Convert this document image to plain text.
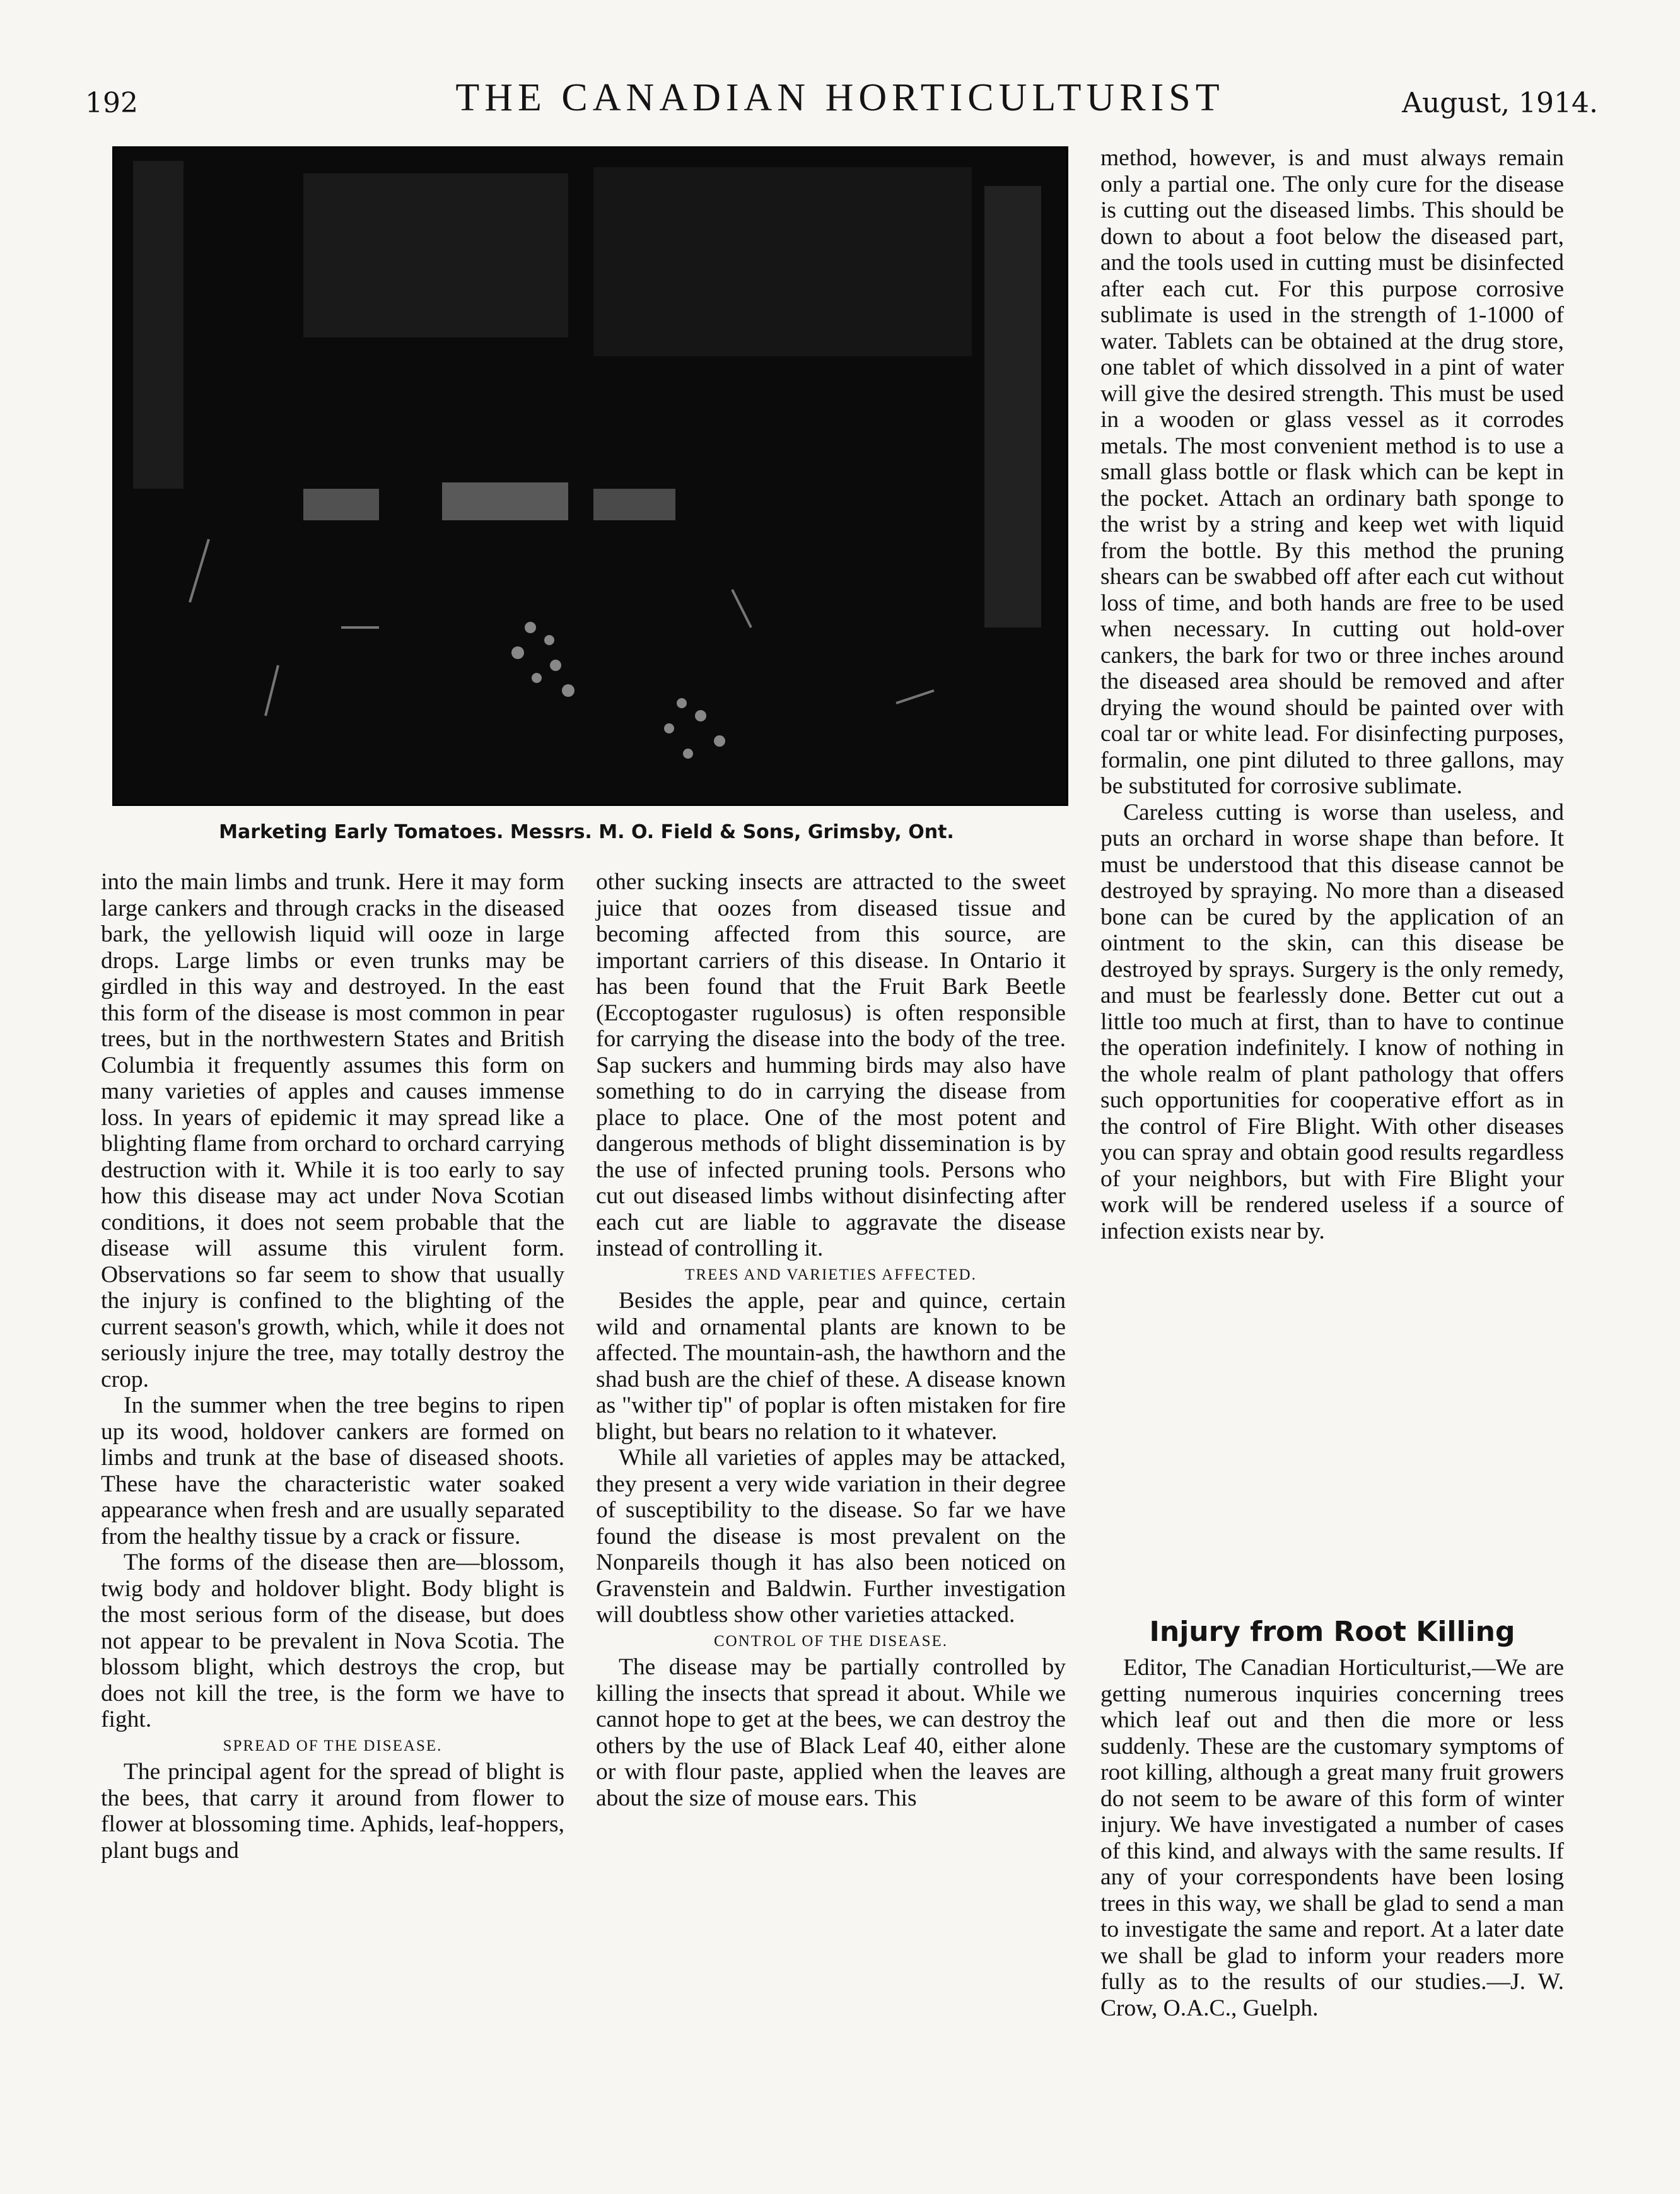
192	THE CANADIAN HORTICULTURIST	August, 1914.
Marketing Early Tomatoes. Messrs. M. O. Field & Sons, Grimsby, Ont.

into the main limbs and trunk. Here it may form large cankers and through cracks in the diseased bark, the yellowish liquid will ooze in large drops. Large limbs or even trunks may be girdled in this way and destroyed. In the east this form of the disease is most common in pear trees, but in the northwestern States and British Columbia it frequently assumes this form on many varieties of apples and causes immense loss. In years of epidemic it may spread like a blighting flame from orchard to orchard carrying destruction with it. While it is too early to say how this disease may act under Nova Scotian conditions, it does not seem probable that the disease will assume this virulent form. Observations so far seem to show that usually the injury is confined to the blighting of the current season's growth, which, while it does not seriously injure the tree, may totally destroy the crop.

In the summer when the tree begins to ripen up its wood, holdover cankers are formed on limbs and trunk at the base of diseased shoots. These have the characteristic water soaked appearance when fresh and are usually separated from the healthy tissue by a crack or fissure.

The forms of the disease then are—blossom, twig body and holdover blight. Body blight is the most serious form of the disease, but does not appear to be prevalent in Nova Scotia. The blossom blight, which destroys the crop, but does not kill the tree, is the form we have to fight.

SPREAD OF THE DISEASE.

The principal agent for the spread of blight is the bees, that carry it around from flower to flower at blossoming time. Aphids, leaf-hoppers, plant bugs and

other sucking insects are attracted to the sweet juice that oozes from diseased tissue and becoming affected from this source, are important carriers of this disease. In Ontario it has been found that the Fruit Bark Beetle (Eccoptogaster rugulosus) is often responsible for carrying the disease into the body of the tree. Sap suckers and humming birds may also have something to do in carrying the disease from place to place. One of the most potent and dangerous methods of blight dissemination is by the use of infected pruning tools. Persons who cut out diseased limbs without disinfecting after each cut are liable to aggravate the disease instead of controlling it.

TREES AND VARIETIES AFFECTED.

Besides the apple, pear and quince, certain wild and ornamental plants are known to be affected. The mountain-ash, the hawthorn and the shad bush are the chief of these. A disease known as "wither tip" of poplar is often mistaken for fire blight, but bears no relation to it whatever.

While all varieties of apples may be attacked, they present a very wide variation in their degree of susceptibility to the disease. So far we have found the disease is most prevalent on the Nonpareils though it has also been noticed on Gravenstein and Baldwin. Further investigation will doubtless show other varieties attacked.

CONTROL OF THE DISEASE.

The disease may be partially controlled by killing the insects that spread it about. While we cannot hope to get at the bees, we can destroy the others by the use of Black Leaf 40, either alone or with flour paste, applied when the leaves are about the size of mouse ears. This

method, however, is and must always remain only a partial one. The only cure for the disease is cutting out the diseased limbs. This should be down to about a foot below the diseased part, and the tools used in cutting must be disinfected after each cut. For this purpose corrosive sublimate is used in the strength of 1-1000 of water. Tablets can be obtained at the drug store, one tablet of which dissolved in a pint of water will give the desired strength. This must be used in a wooden or glass vessel as it corrodes metals. The most convenient method is to use a small glass bottle or flask which can be kept in the pocket. Attach an ordinary bath sponge to the wrist by a string and keep wet with liquid from the bottle. By this method the pruning shears can be swabbed off after each cut without loss of time, and both hands are free to be used when necessary. In cutting out hold-over cankers, the bark for two or three inches around the diseased area should be removed and after drying the wound should be painted over with coal tar or white lead. For disinfecting purposes, formalin, one pint diluted to three gallons, may be substituted for corrosive sublimate.

Careless cutting is worse than useless, and puts an orchard in worse shape than before. It must be understood that this disease cannot be destroyed by spraying. No more than a diseased bone can be cured by the application of an ointment to the skin, can this disease be destroyed by sprays. Surgery is the only remedy, and must be fearlessly done. Better cut out a little too much at first, than to have to continue the operation indefinitely. I know of nothing in the whole realm of plant pathology that offers such opportunities for cooperative effort as in the control of Fire Blight. With other diseases you can spray and obtain good results regardless of your neighbors, but with Fire Blight your work will be rendered useless if a source of infection exists near by.

Injury from Root Killing

Editor, The Canadian Horticulturist,—We are getting numerous inquiries concerning trees which leaf out and then die more or less suddenly. These are the customary symptoms of root killing, although a great many fruit growers do not seem to be aware of this form of winter injury. We have investigated a number of cases of this kind, and always with the same results. If any of your correspondents have been losing trees in this way, we shall be glad to send a man to investigate the same and report. At a later date we shall be glad to inform your readers more fully as to the results of our studies.—J. W. Crow, O.A.C., Guelph.
